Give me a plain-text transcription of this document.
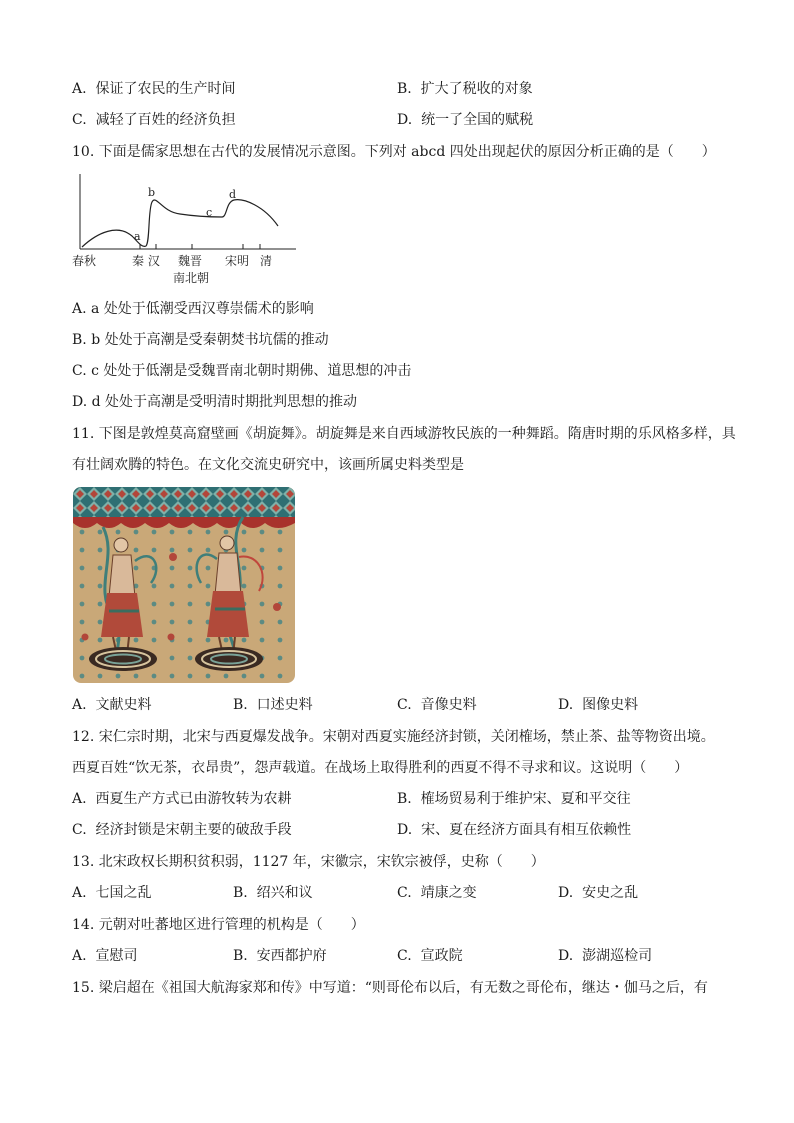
A. 保证了农民的生产时间	B. 扩大了税收的对象
C. 减轻了百姓的经济负担	D. 统一了全国的赋税
10. 下面是儒家思想在古代的发展情况示意图。下列对 abcd 四处出现起伏的原因分析正确的是（　　）
a
b
c
d
春秋	秦 汉 魏晋 宋明 清
南北朝
A. a 处处于低潮受西汉尊崇儒术的影响
B. b 处处于高潮是受秦朝焚书坑儒的推动
C. c 处处于低潮是受魏晋南北朝时期佛、道思想的冲击
D. d 处处于高潮是受明清时期批判思想的推动
11. 下图是敦煌莫高窟壁画《胡旋舞》。胡旋舞是来自西域游牧民族的一种舞蹈。隋唐时期的乐风格多样，具
有壮阔欢腾的特色。在文化交流史研究中，该画所属史料类型是
A. 文献史料	B. 口述史料	C. 音像史料	D. 图像史料
12. 宋仁宗时期，北宋与西夏爆发战争。宋朝对西夏实施经济封锁，关闭榷场，禁止茶、盐等物资出境。
西夏百姓“饮无茶，衣昂贵”，怨声载道。在战场上取得胜利的西夏不得不寻求和议。这说明（　　）
A. 西夏生产方式已由游牧转为农耕	B. 榷场贸易利于维护宋、夏和平交往
C. 经济封锁是宋朝主要的破敌手段	D. 宋、夏在经济方面具有相互依赖性
13. 北宋政权长期积贫积弱，1127 年，宋徽宗，宋钦宗被俘，史称（　　）
A. 七国之乱	B. 绍兴和议	C. 靖康之变	D. 安史之乱
14. 元朝对吐蕃地区进行管理的机构是（　　）
A. 宣慰司	B. 安西都护府	C. 宣政院	D. 澎湖巡检司
15. 梁启超在《祖国大航海家郑和传》中写道：“则哥伦布以后，有无数之哥伦布，继达・伽马之后，有
